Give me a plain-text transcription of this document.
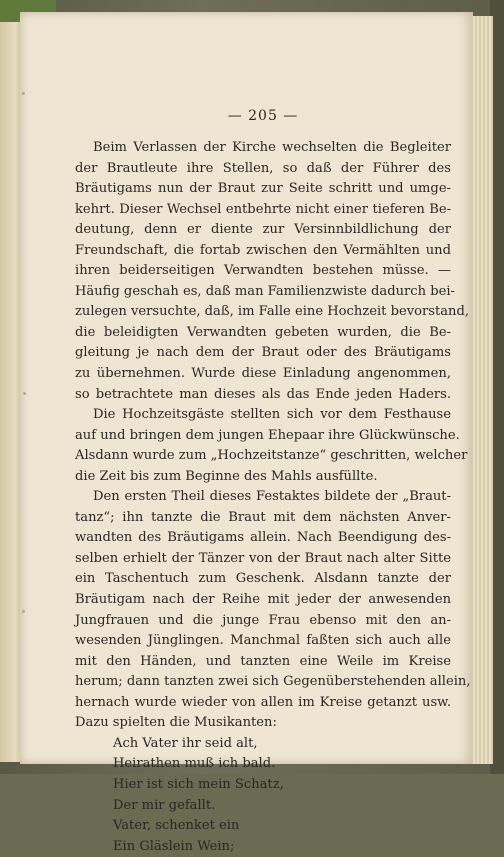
— 205 —
Beim Verlassen der Kirche wechselten die Begleiter
der Brautleute ihre Stellen, so daß der Führer des
Bräutigams nun der Braut zur Seite schritt und umge-
kehrt. Dieser Wechsel entbehrte nicht einer tieferen Be-
deutung, denn er diente zur Versinnbildlichung der
Freundschaft, die fortab zwischen den Vermählten und
ihren beiderseitigen Verwandten bestehen müsse. —
Häufig geschah es, daß man Familienzwiste dadurch bei-
zulegen versuchte, daß, im Falle eine Hochzeit bevorstand,
die beleidigten Verwandten gebeten wurden, die Be-
gleitung je nach dem der Braut oder des Bräutigams
zu übernehmen. Wurde diese Einladung angenommen,
so betrachtete man dieses als das Ende jeden Haders.
Die Hochzeitsgäste stellten sich vor dem Festhause
auf und bringen dem jungen Ehepaar ihre Glückwünsche.
Alsdann wurde zum „Hochzeitstanze“ geschritten, welcher
die Zeit bis zum Beginne des Mahls ausfüllte.
Den ersten Theil dieses Festaktes bildete der „Braut-
tanz“; ihn tanzte die Braut mit dem nächsten Anver-
wandten des Bräutigams allein. Nach Beendigung des-
selben erhielt der Tänzer von der Braut nach alter Sitte
ein Taschentuch zum Geschenk. Alsdann tanzte der
Bräutigam nach der Reihe mit jeder der anwesenden
Jungfrauen und die junge Frau ebenso mit den an-
wesenden Jünglingen. Manchmal faßten sich auch alle
mit den Händen, und tanzten eine Weile im Kreise
herum; dann tanzten zwei sich Gegenüberstehenden allein,
hernach wurde wieder von allen im Kreise getanzt usw.
Dazu spielten die Musikanten:
Ach Vater ihr seid alt,
Heirathen muß ich bald.
Hier ist sich mein Schatz,
Der mir gefallt.
Vater, schenket ein
Ein Gläslein Wein;
